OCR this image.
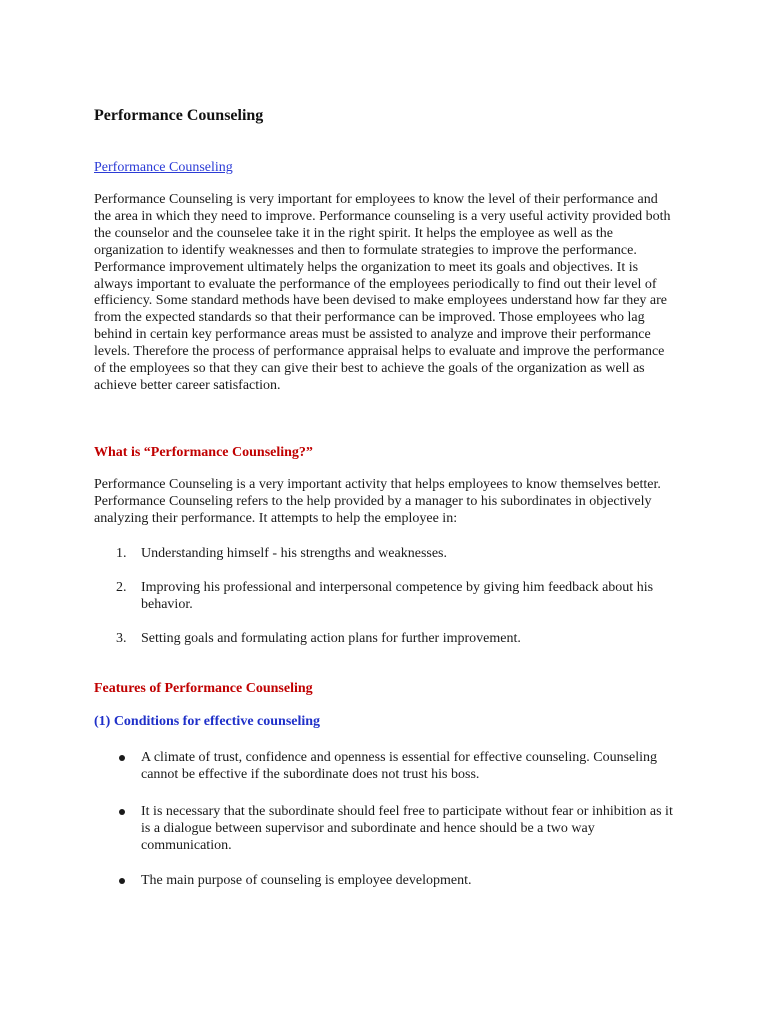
Performance Counseling
Performance Counseling

Performance Counseling is very important for employees to know the level of their performance and the area in which they need to improve. Performance counseling is a very useful activity provided both the counselor and the counselee take it in the right spirit. It helps the employee as well as the organization to identify weaknesses and then to formulate strategies to improve the performance. Performance improvement ultimately helps the organization to meet its goals and objectives. It is always important to evaluate the performance of the employees periodically to find out their level of efficiency. Some standard methods have been devised to make employees understand how far they are from the expected standards so that their performance can be improved. Those employees who lag behind in certain key performance areas must be assisted to analyze and improve their performance levels. Therefore the process of performance appraisal helps to evaluate and improve the performance of the employees so that they can give their best to achieve the goals of the organization as well as achieve better career satisfaction.

What is “Performance Counseling?”

Performance Counseling is a very important activity that helps employees to know themselves better. Performance Counseling refers to the help provided by a manager to his subordinates in objectively analyzing their performance. It attempts to help the employee in:

1. Understanding himself - his strengths and weaknesses.
2. Improving his professional and interpersonal competence by giving him feedback about his behavior.
3. Setting goals and formulating action plans for further improvement.
Features of Performance Counseling
(1) Conditions for effective counseling
A climate of trust, confidence and openness is essential for effective counseling. Counseling cannot be effective if the subordinate does not trust his boss.
It is necessary that the subordinate should feel free to participate without fear or inhibition as it is a dialogue between supervisor and subordinate and hence should be a two way communication.
The main purpose of counseling is employee development.
